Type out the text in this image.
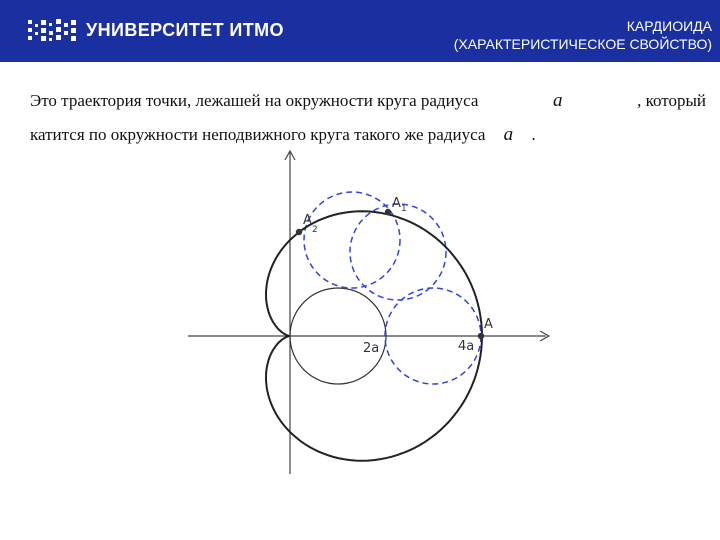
УНИВЕРСИТЕТ ИТМО	КАРДИОИДА
(ХАРАКТЕРИСТИЧЕСКОЕ СВОЙСТВО)

Это траектория точки, лежашей на окружности круга радиуса	a	, который

катится по окружности неподвижного круга такого же радиуса a .

A
A 1
A
2
2a	4a
